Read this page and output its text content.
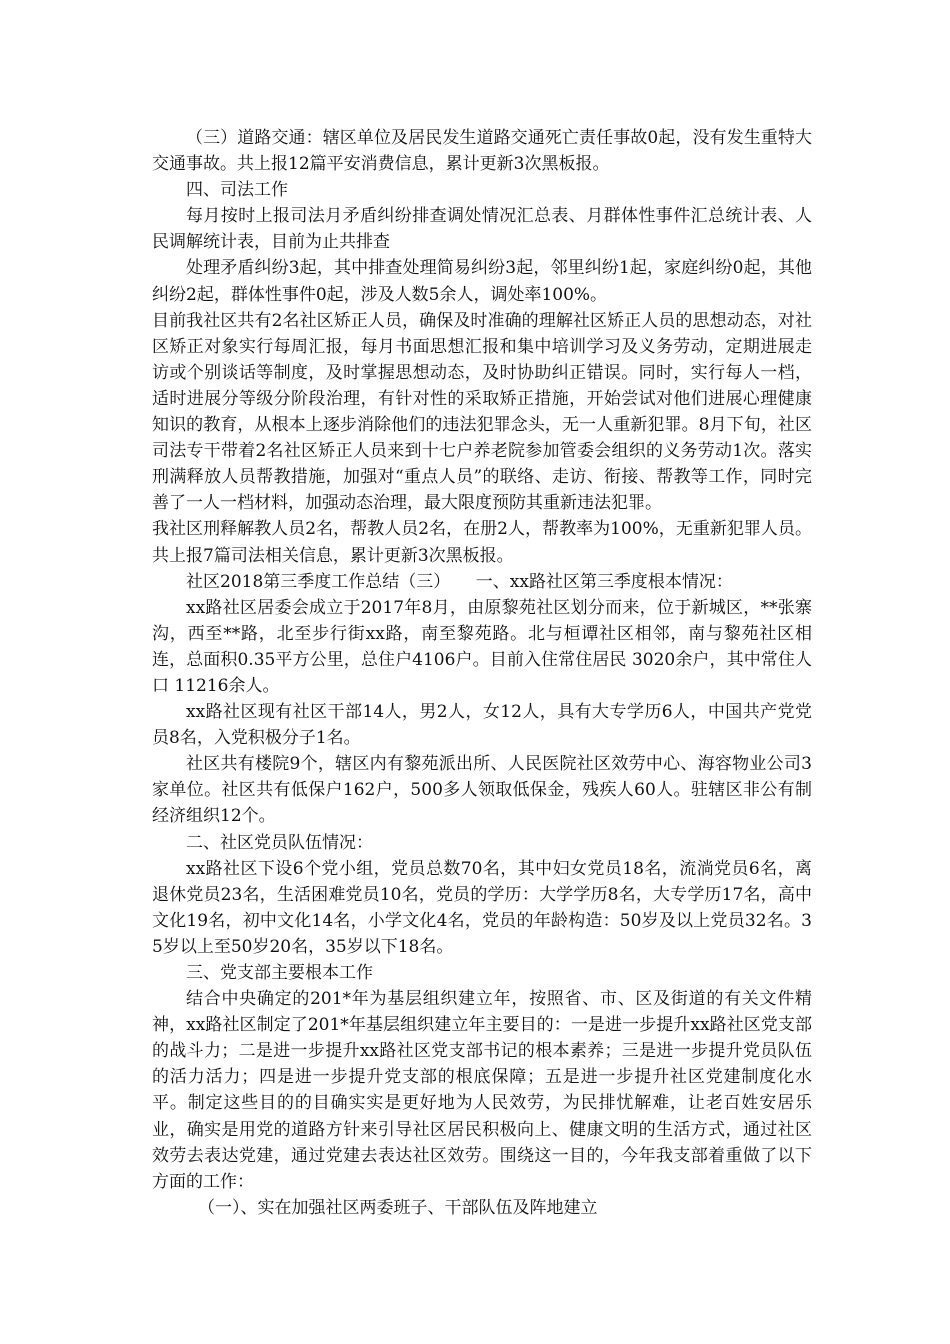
（三）道路交通：辖区单位及居民发生道路交通死亡责任事故0起，没有发生重特大交通事故。共上报12篇平安消费信息，累计更新3次黑板报。

四、司法工作

每月按时上报司法月矛盾纠纷排查调处情况汇总表、月群体性事件汇总统计表、人民调解统计表，目前为止共排查

处理矛盾纠纷3起，其中排查处理简易纠纷3起，邻里纠纷1起，家庭纠纷0起，其他纠纷2起，群体性事件0起，涉及人数5余人，调处率100%。

目前我社区共有2名社区矫正人员，确保及时准确的理解社区矫正人员的思想动态，对社区矫正对象实行每周汇报，每月书面思想汇报和集中培训学习及义务劳动，定期进展走访或个别谈话等制度，及时掌握思想动态，及时协助纠正错误。同时，实行每人一档，适时进展分等级分阶段治理，有针对性的采取矫正措施，开始尝试对他们进展心理健康知识的教育，从根本上逐步消除他们的违法犯罪念头，无一人重新犯罪。8月下旬，社区司法专干带着2名社区矫正人员来到十七户养老院参加管委会组织的义务劳动1次。落实刑满释放人员帮教措施，加强对“重点人员”的联络、走访、衔接、帮教等工作，同时完善了一人一档材料，加强动态治理，最大限度预防其重新违法犯罪。

我社区刑释解教人员2名，帮教人员2名，在册2人，帮教率为100%，无重新犯罪人员。共上报7篇司法相关信息，累计更新3次黑板报。

社区2018第三季度工作总结（三）　　一、xx路社区第三季度根本情况：

xx路社区居委会成立于2017年8月，由原黎苑社区划分而来，位于新城区，**张寨沟，西至**路，北至步行街xx路，南至黎苑路。北与桓谭社区相邻，南与黎苑社区相连，总面积0.35平方公里，总住户4106户。目前入住常住居民 3020余户，其中常住人口 11216余人。

xx路社区现有社区干部14人，男2人，女12人，具有大专学历6人，中国共产党党员8名，入党积极分子1名。

社区共有楼院9个，辖区内有黎苑派出所、人民医院社区效劳中心、海容物业公司3家单位。社区共有低保户162户，500多人领取低保金，残疾人60人。驻辖区非公有制经济组织12个。

二、社区党员队伍情况：

xx路社区下设6个党小组，党员总数70名，其中妇女党员18名，流淌党员6名，离退休党员23名，生活困难党员10名，党员的学历：大学学历8名，大专学历17名，高中文化19名，初中文化14名，小学文化4名，党员的年龄构造：50岁及以上党员32名。35岁以上至50岁20名，35岁以下18名。

三、党支部主要根本工作

结合中央确定的201*年为基层组织建立年，按照省、市、区及街道的有关文件精神，xx路社区制定了201*年基层组织建立年主要目的：一是进一步提升xx路社区党支部的战斗力；二是进一步提升xx路社区党支部书记的根本素养；三是进一步提升党员队伍的活力活力；四是进一步提升党支部的根底保障；五是进一步提升社区党建制度化水平。制定这些目的的目确实实是更好地为人民效劳，为民排忧解难，让老百姓安居乐业，确实是用党的道路方针来引导社区居民积极向上、健康文明的生活方式，通过社区效劳去表达党建，通过党建去表达社区效劳。围绕这一目的，今年我支部着重做了以下方面的工作：

（一）、实在加强社区两委班子、干部队伍及阵地建立
